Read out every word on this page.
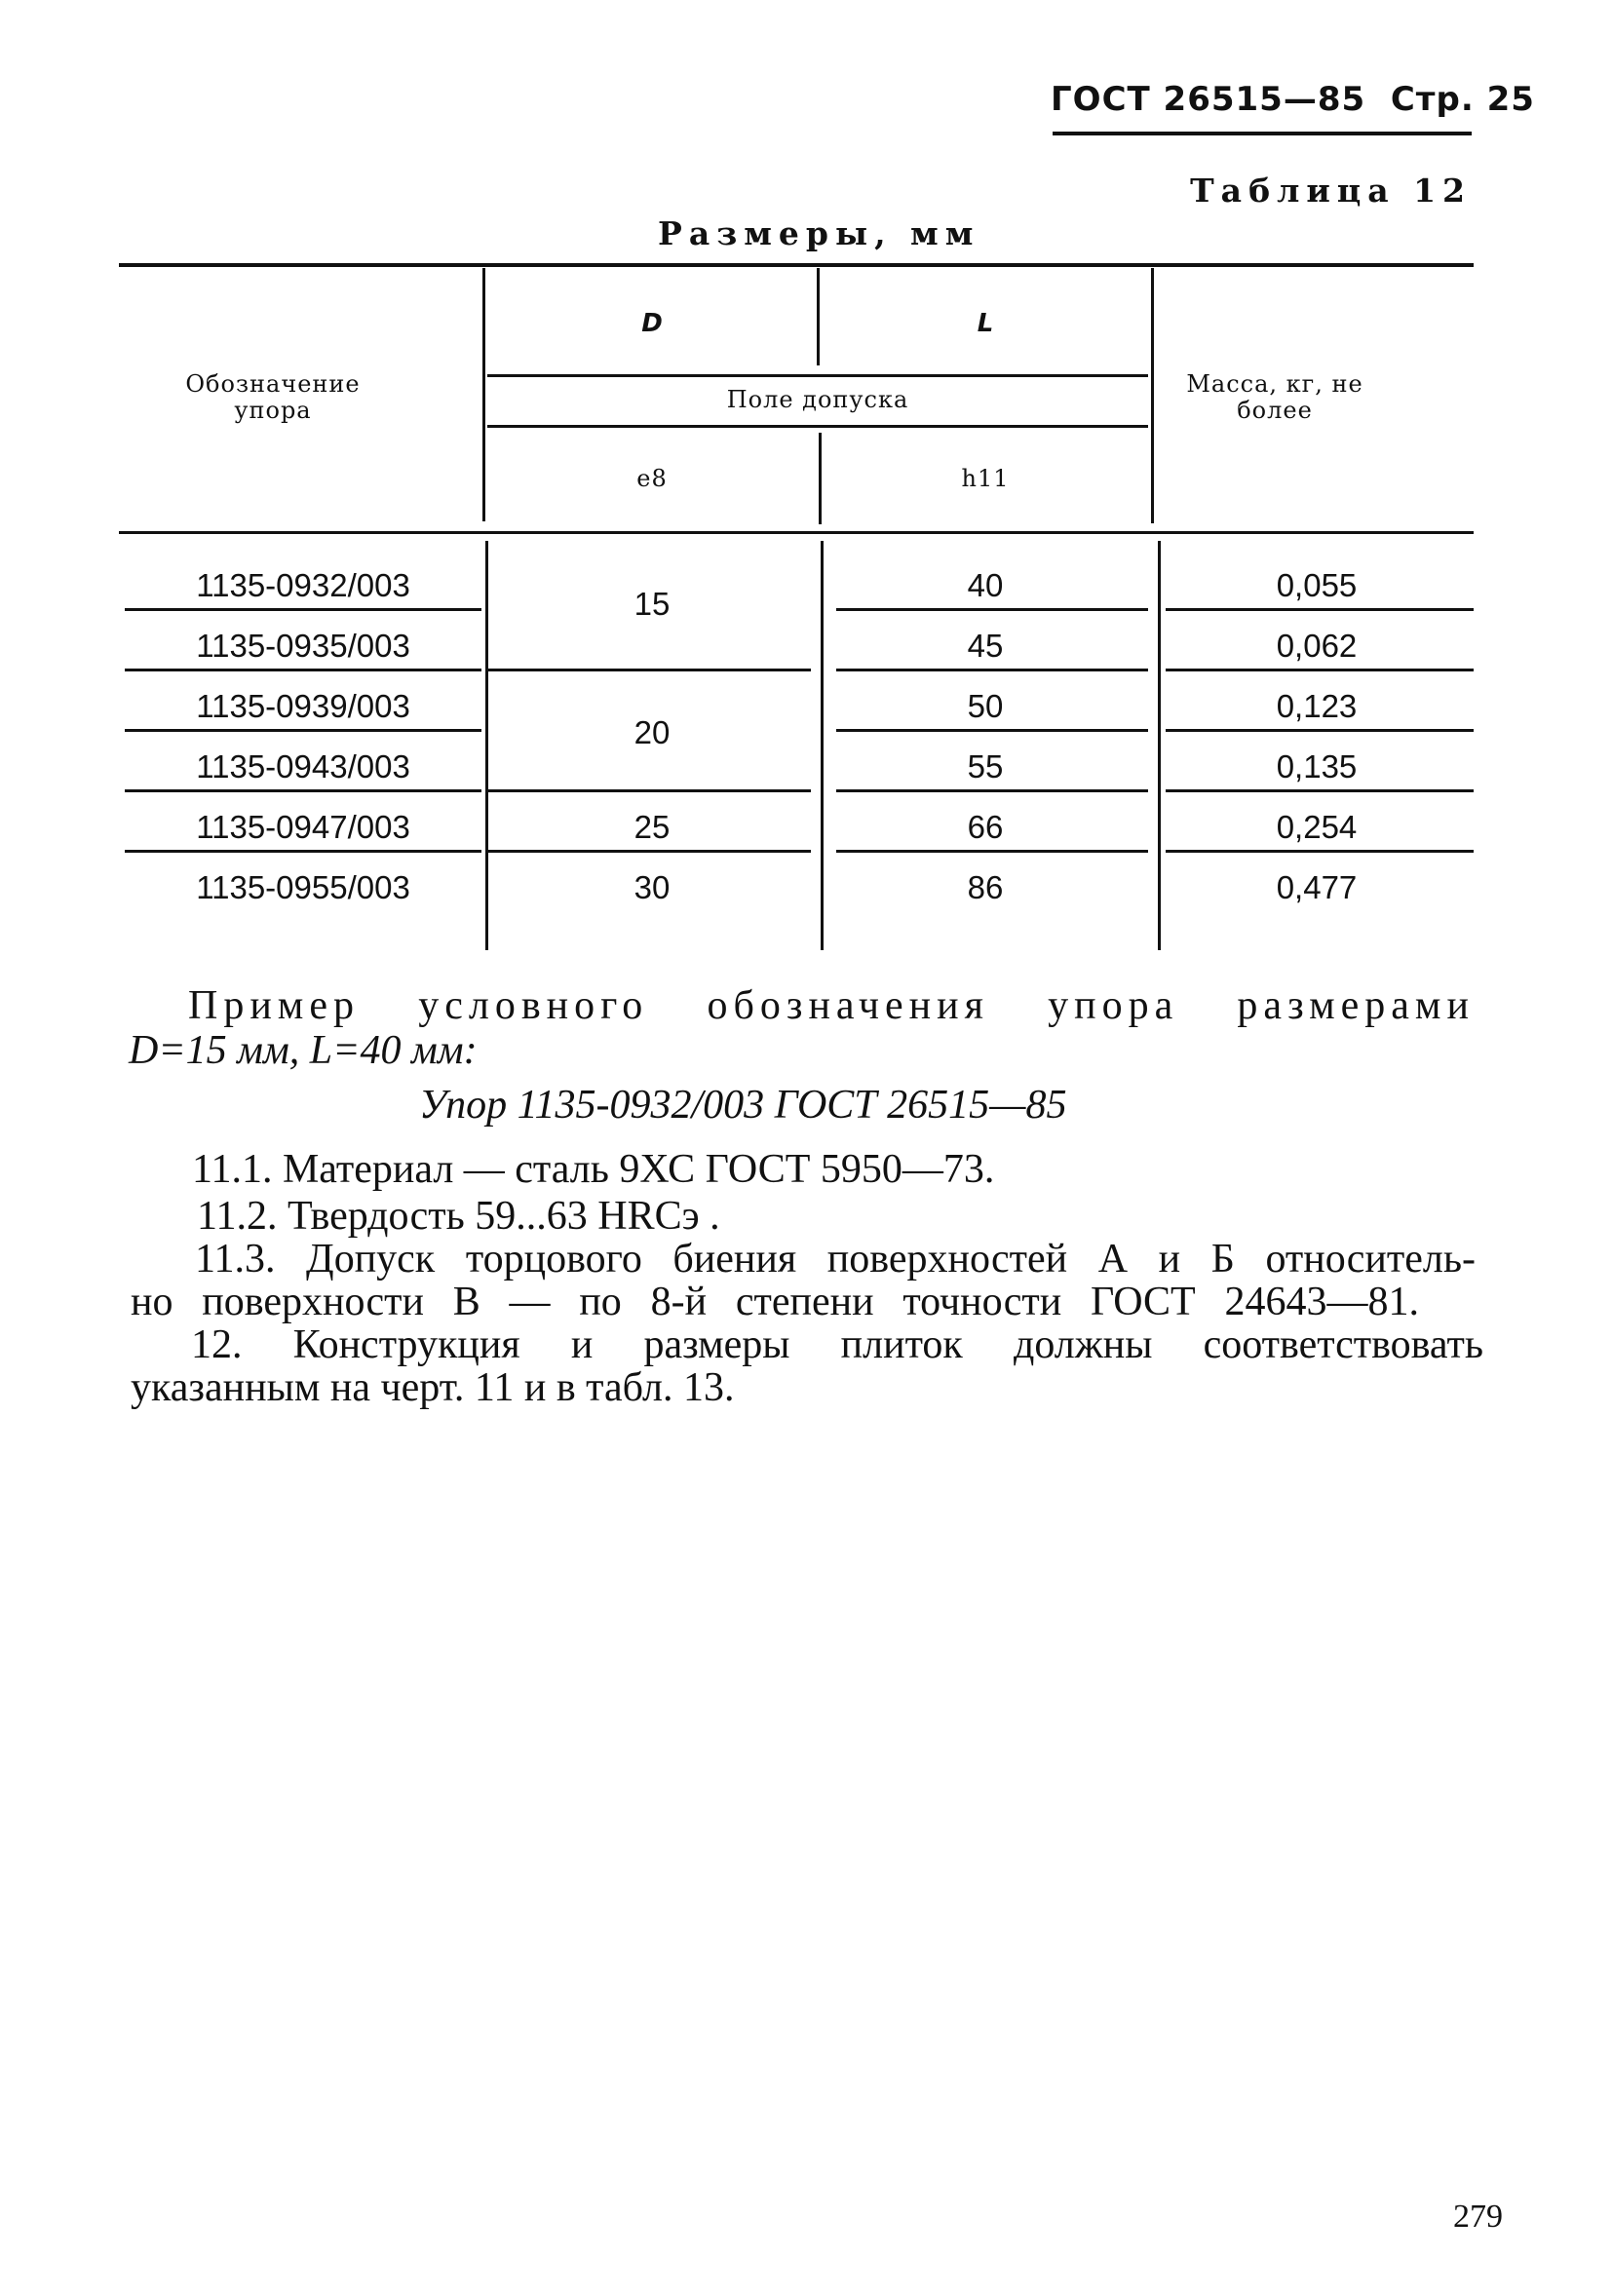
ГОСТ 26515—85 Стр. 25
Таблица 12
Размеры, мм
Обозначение упора
D	L
Поле допуска
e8	h11
Масса, кг, не более
1135-0932/003
1135-0935/003
1135-0939/003
1135-0943/003
1135-0947/003
1135-0955/003
15
20
25
30
40
45
50
55
66
86
0,055
0,062
0,123
0,135
0,254
0,477
Пример условного обозначения упора размерами
D=15 мм, L=40 мм:
Упор 1135-0932/003 ГОСТ 26515—85
11.1. Материал — сталь 9ХС ГОСТ 5950—73.
11.2. Твердость 59...63 HRCэ .
11.3. Допуск торцового биения поверхностей А и Б относитель-
но поверхности В — по 8-й степени точности ГОСТ 24643—81.
12. Конструкция и размеры плиток должны соответствовать
указанным на черт. 11 и в табл. 13.
279
